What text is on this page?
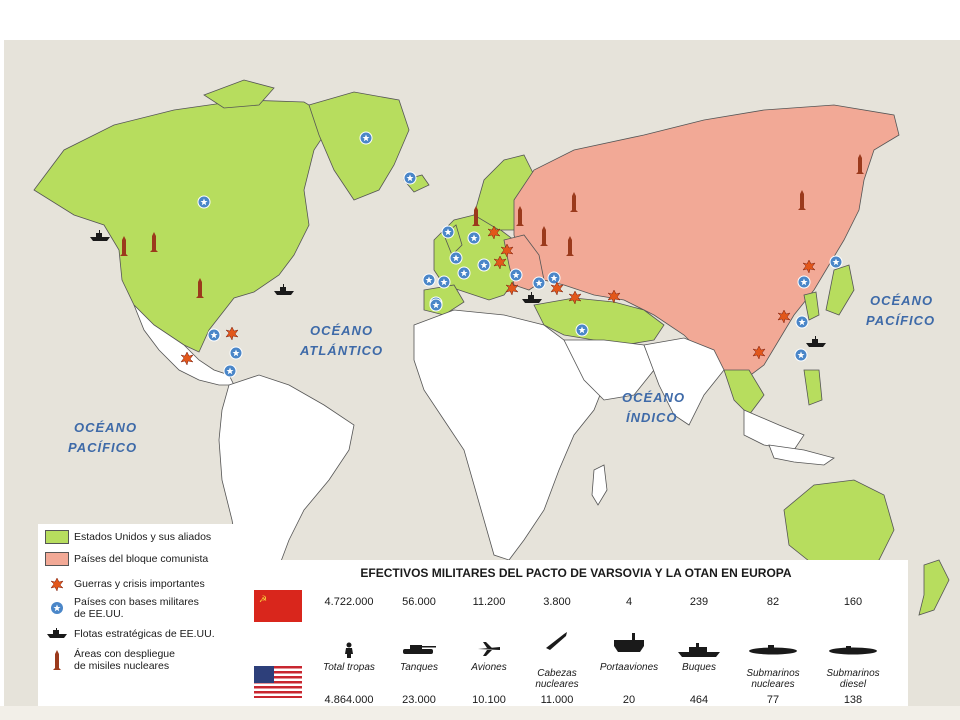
OCÉANO
ATLÁNTICO
OCÉANO
PACÍFICO
OCÉANO
PACÍFICO
OCÉANO
ÍNDICO
Estados Unidos y sus aliados
Países del bloque comunista
Guerras y crisis importantes
Países con bases militares
de EE.UU.
Flotas estratégicas de EE.UU.
Áreas con despliegue
de misiles nucleares
EFECTIVOS MILITARES DEL PACTO DE VARSOVIA Y LA OTAN EN EUROPA
☭	4.722.000
Total tropas
4.864.000
56.000
Tanques
23.000
11.200
Aviones
10.100
3.800
Cabezas
nucleares
11.000
4
Portaaviones
20
239
Buques
464
82
Submarinos
nucleares
77
160
Submarinos
diesel
138
